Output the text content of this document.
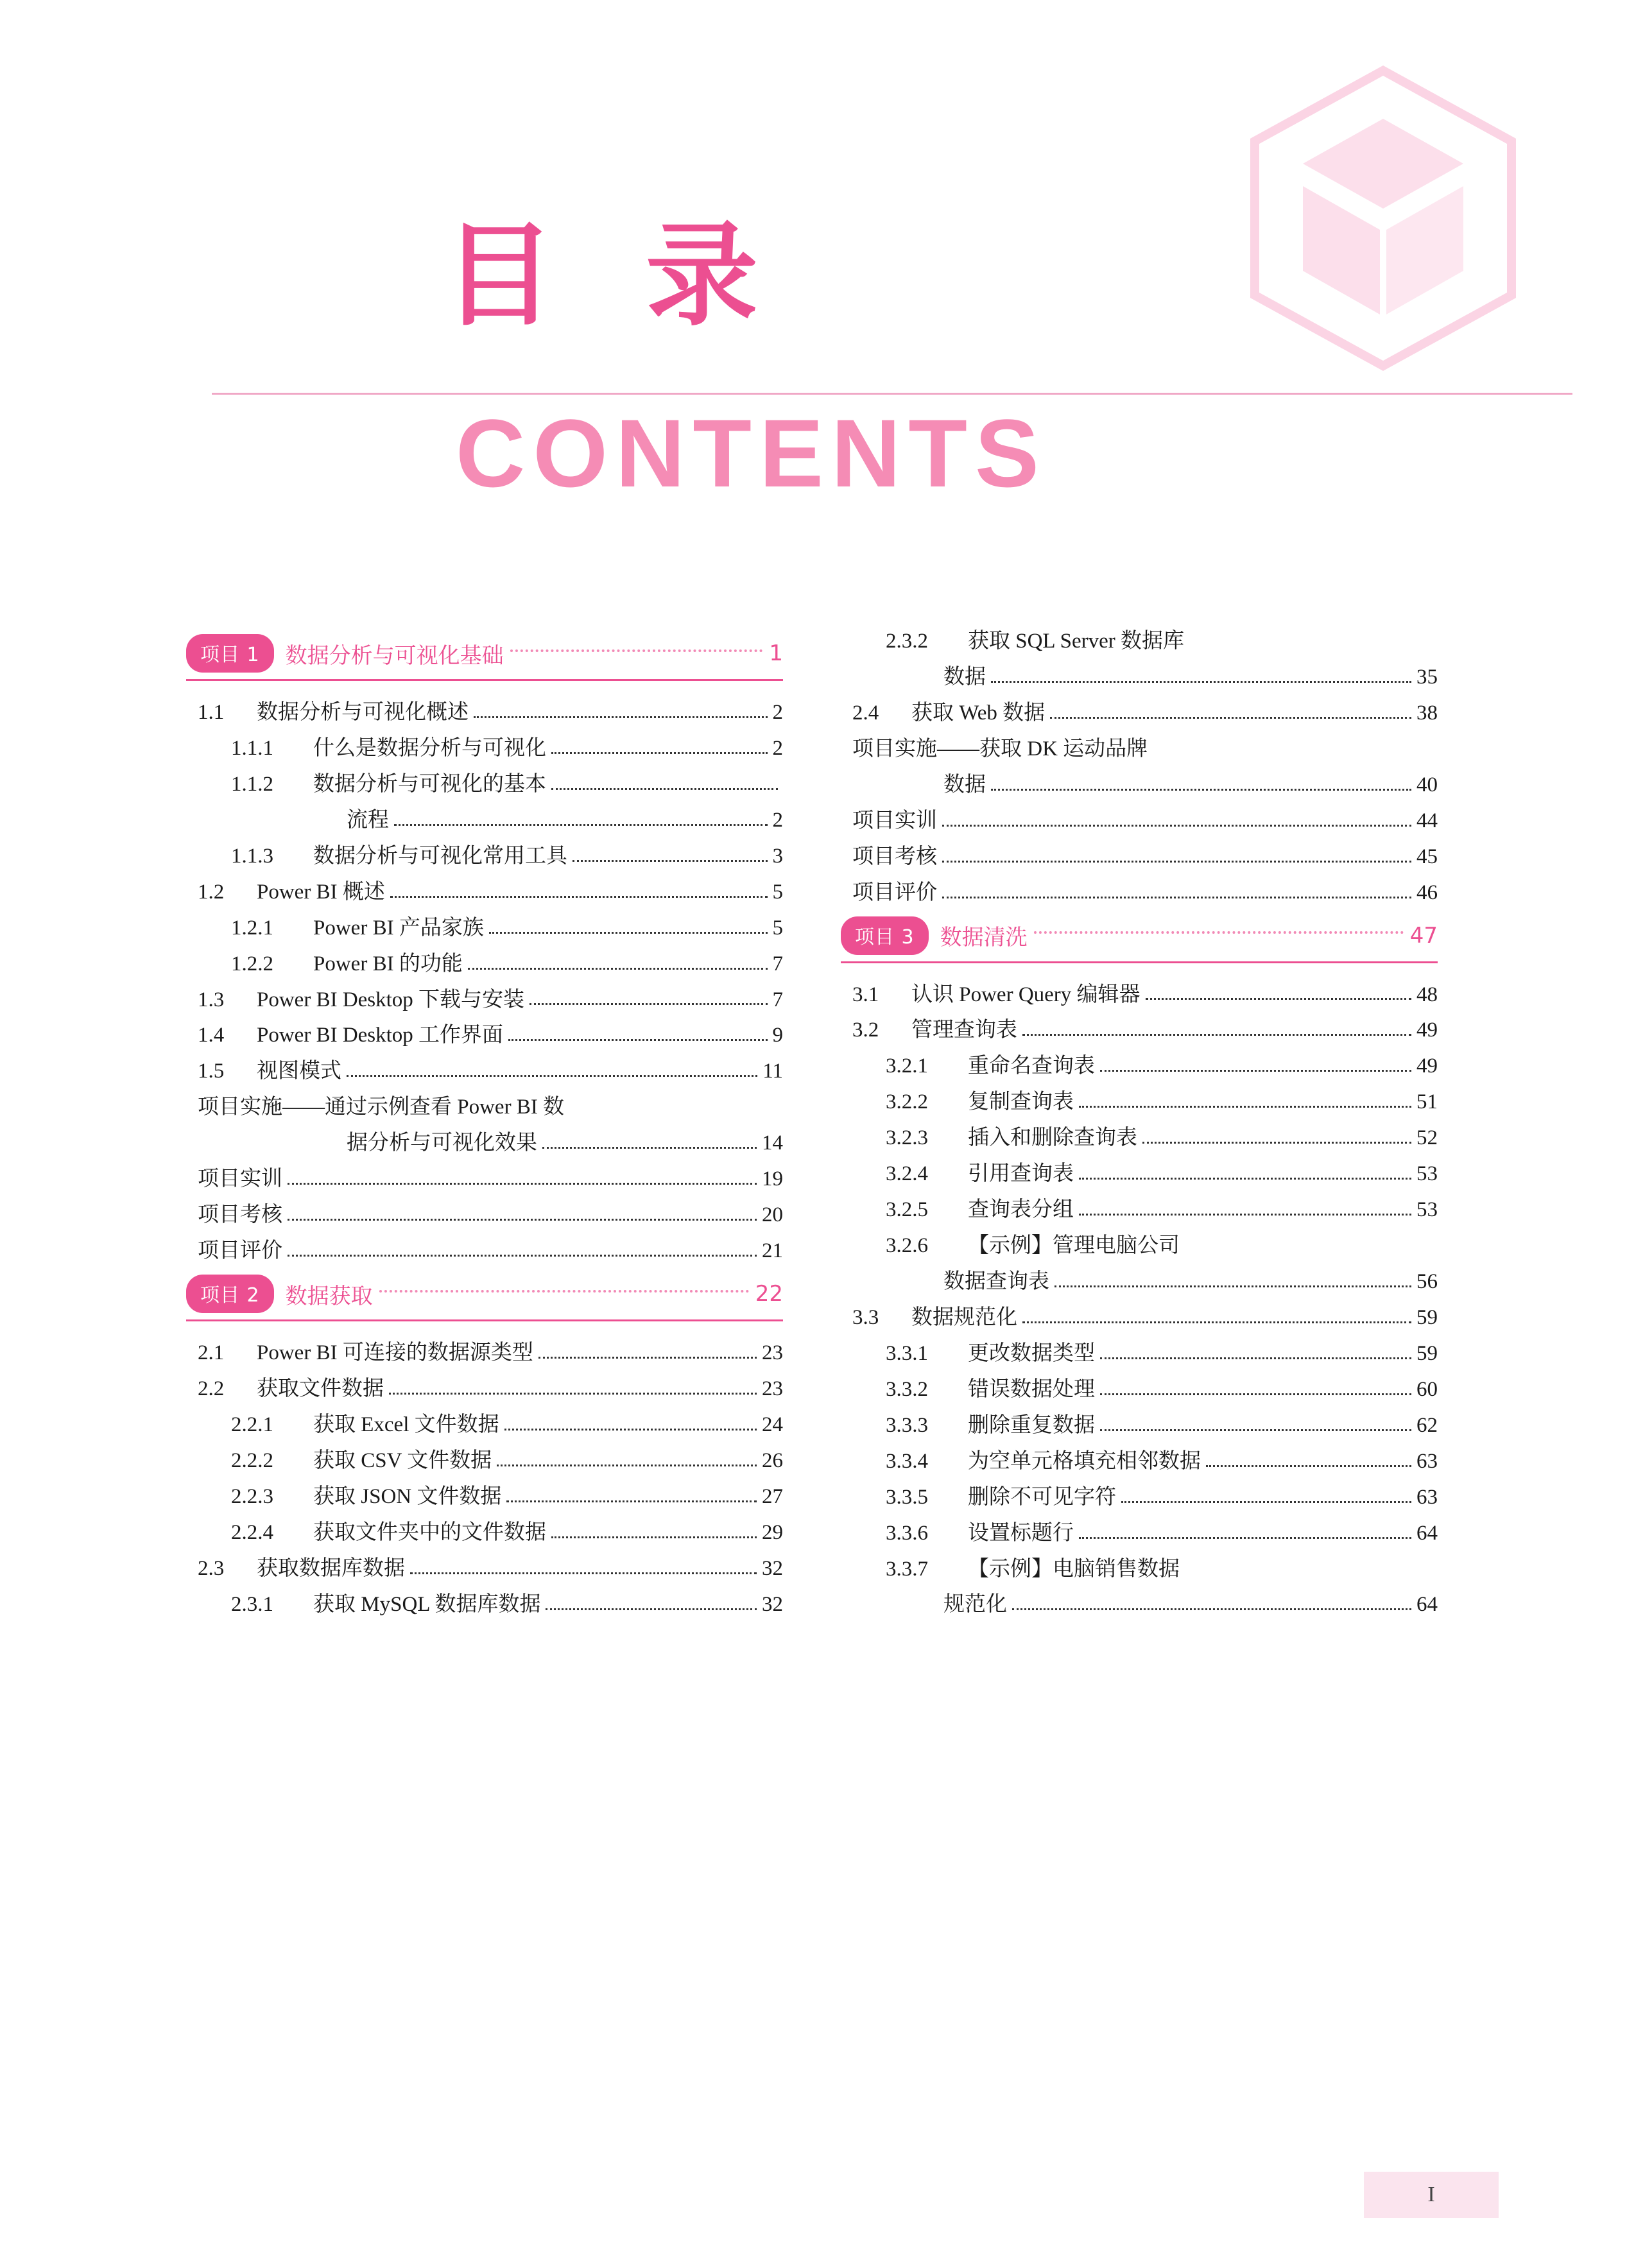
目 录
CONTENTS
项目 1	数据分析与可视化基础	1
1.1	数据分析与可视化概述	2
1.1.1	什么是数据分析与可视化	2
1.1.2	数据分析与可视化的基本
流程	2
1.1.3	数据分析与可视化常用工具	3
1.2	Power BI 概述	5
1.2.1	Power BI 产品家族	5
1.2.2	Power BI 的功能	7
1.3	Power BI Desktop 下载与安装	7
1.4	Power BI Desktop 工作界面	9
1.5	视图模式	11
项目实施——通过示例查看 Power BI 数
据分析与可视化效果	14
项目实训	19
项目考核	20
项目评价	21
项目 2	数据获取	22
2.1	Power BI 可连接的数据源类型	23
2.2	获取文件数据	23
2.2.1	获取 Excel 文件数据	24
2.2.2	获取 CSV 文件数据	26
2.2.3	获取 JSON 文件数据	27
2.2.4	获取文件夹中的文件数据	29
2.3	获取数据库数据	32
2.3.1	获取 MySQL 数据库数据	32
2.3.2	获取 SQL Server 数据库
数据	35
2.4	获取 Web 数据	38
项目实施——获取 DK 运动品牌
数据	40
项目实训	44
项目考核	45
项目评价	46
项目 3	数据清洗	47
3.1	认识 Power Query 编辑器	48
3.2	管理查询表	49
3.2.1	重命名查询表	49
3.2.2	复制查询表	51
3.2.3	插入和删除查询表	52
3.2.4	引用查询表	53
3.2.5	查询表分组	53
3.2.6	【示例】管理电脑公司
数据查询表	56
3.3	数据规范化	59
3.3.1	更改数据类型	59
3.3.2	错误数据处理	60
3.3.3	删除重复数据	62
3.3.4	为空单元格填充相邻数据	63
3.3.5	删除不可见字符	63
3.3.6	设置标题行	64
3.3.7	【示例】电脑销售数据
规范化	64
I
